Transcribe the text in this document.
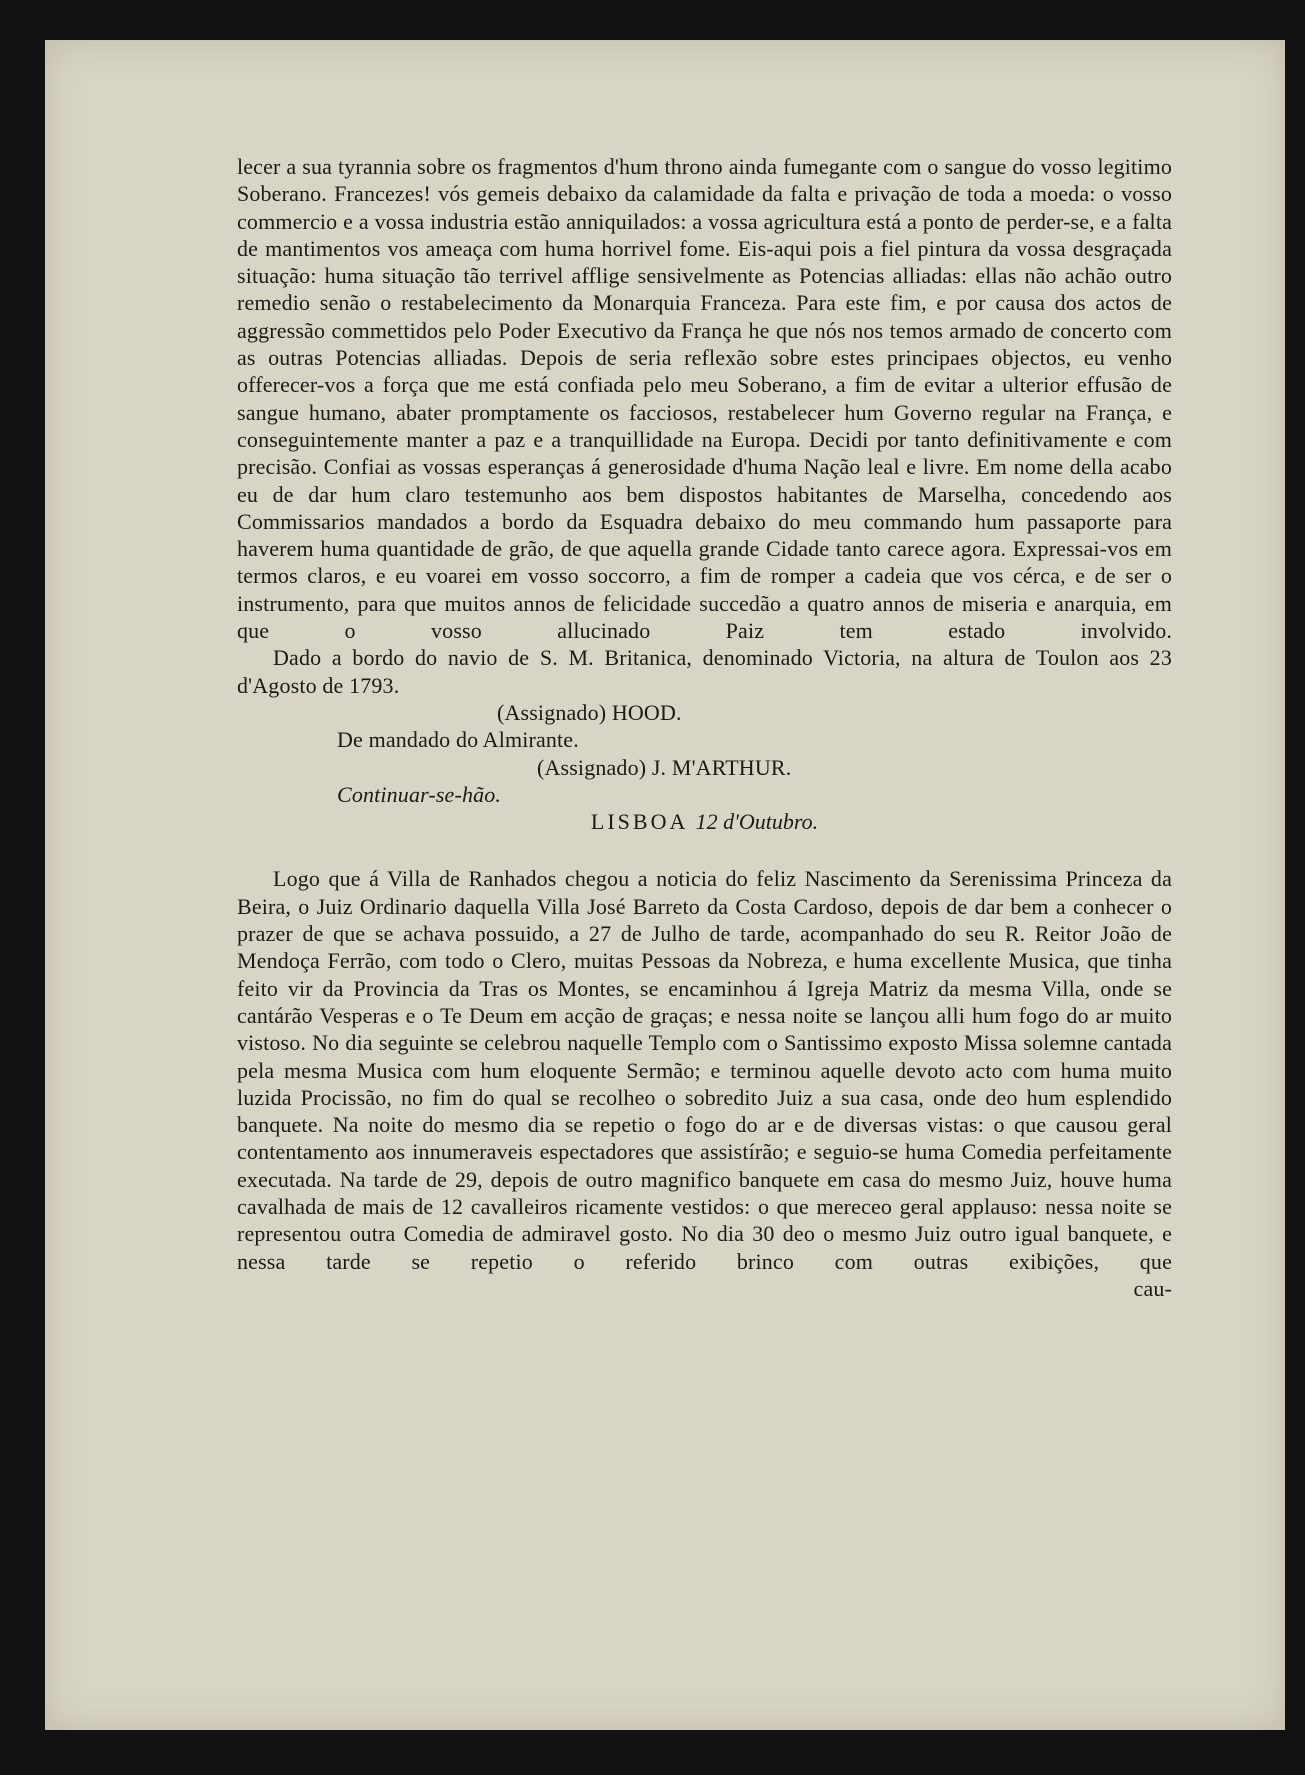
lecer a sua tyrannia sobre os fragmentos d'hum throno ainda fumegante com o sangue do vosso legitimo Soberano. Francezes! vós gemeis debaixo da calamidade da falta e privação de toda a moeda: o vosso commercio e a vossa industria estão anniquilados: a vossa agricultura está a ponto de perder-se, e a falta de mantimentos vos ameaça com huma horrivel fome. Eis-aqui pois a fiel pintura da vossa desgraçada situação: huma situação tão terrivel afflige sensivelmente as Potencias alliadas: ellas não achão outro remedio senão o restabelecimento da Monarquia Franceza. Para este fim, e por causa dos actos de aggressão commettidos pelo Poder Executivo da França he que nós nos temos armado de concerto com as outras Potencias alliadas. Depois de seria reflexão sobre estes principaes objectos, eu venho offerecer-vos a força que me está confiada pelo meu Soberano, a fim de evitar a ulterior effusão de sangue humano, abater promptamente os facciosos, restabelecer hum Governo regular na França, e conseguintemente manter a paz e a tranquillidade na Europa. Decidi por tanto definitivamente e com precisão. Confiai as vossas esperanças á generosidade d'huma Nação leal e livre. Em nome della acabo eu de dar hum claro testemunho aos bem dispostos habitantes de Marselha, concedendo aos Commissarios mandados a bordo da Esquadra debaixo do meu commando hum passaporte para haverem huma quantidade de grão, de que aquella grande Cidade tanto carece agora. Expressai-vos em termos claros, e eu voarei em vosso soccorro, a fim de romper a cadeia que vos cérca, e de ser o instrumento, para que muitos annos de felicidade succedão a quatro annos de miseria e anarquia, em que o vosso allucinado Paiz tem estado involvido.

Dado a bordo do navio de S. M. Britanica, denominado Victoria, na altura de Toulon aos 23 d'Agosto de 1793.

(Assignado) HOOD.
De mandado do Almirante.
(Assignado) J. M'ARTHUR.
Continuar-se-hão.
LISBOA 12 d'Outubro.

Logo que á Villa de Ranhados chegou a noticia do feliz Nascimento da Serenissima Princeza da Beira, o Juiz Ordinario daquella Villa José Barreto da Costa Cardoso, depois de dar bem a conhecer o prazer de que se achava possuido, a 27 de Julho de tarde, acompanhado do seu R. Reitor João de Mendoça Ferrão, com todo o Clero, muitas Pessoas da Nobreza, e huma excellente Musica, que tinha feito vir da Provincia da Tras os Montes, se encaminhou á Igreja Matriz da mesma Villa, onde se cantárão Vesperas e o Te Deum em acção de graças; e nessa noite se lançou alli hum fogo do ar muito vistoso. No dia seguinte se celebrou naquelle Templo com o Santissimo exposto Missa solemne cantada pela mesma Musica com hum eloquente Sermão; e terminou aquelle devoto acto com huma muito luzida Procissão, no fim do qual se recolheo o sobredito Juiz a sua casa, onde deo hum esplendido banquete. Na noite do mesmo dia se repetio o fogo do ar e de diversas vistas: o que causou geral contentamento aos innumeraveis espectadores que assistírão; e seguio-se huma Comedia perfeitamente executada. Na tarde de 29, depois de outro magnifico banquete em casa do mesmo Juiz, houve huma cavalhada de mais de 12 cavalleiros ricamente vestidos: o que mereceo geral applauso: nessa noite se representou outra Comedia de admiravel gosto. No dia 30 deo o mesmo Juiz outro igual banquete, e nessa tarde se repetio o referido brinco com outras exibições, que

cau-
